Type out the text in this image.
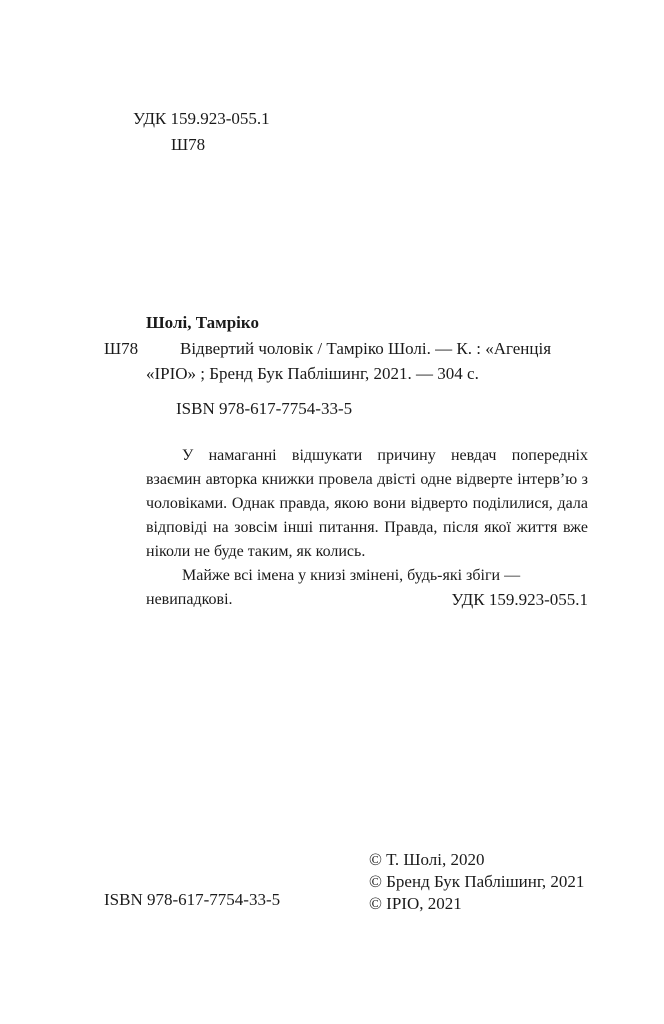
УДК 159.923-055.1
Ш78
Шолі, Тамріко
Ш78 Відвертий чоловік / Тамріко Шолі. — К. : «Агенція
«ІРІО» ; Бренд Бук Паблішинг, 2021. — 304 с.
ISBN 978-617-7754-33-5

У намаганні відшукати причину невдач попередніх взаємин авторка книжки провела двісті одне відверте інтерв’ю з чоловіками. Однак правда, якою вони відверто поділилися, дала відповіді на зовсім інші питання. Правда, після якої життя вже ніколи не буде таким, як колись.

Майже всі імена у книзі змінені, будь-які збіги — невипадкові.	УДК 159.923-055.1
© Т. Шолі, 2020
© Бренд Бук Паблішинг, 2021
© ІРІО, 2021
ISBN 978-617-7754-33-5
